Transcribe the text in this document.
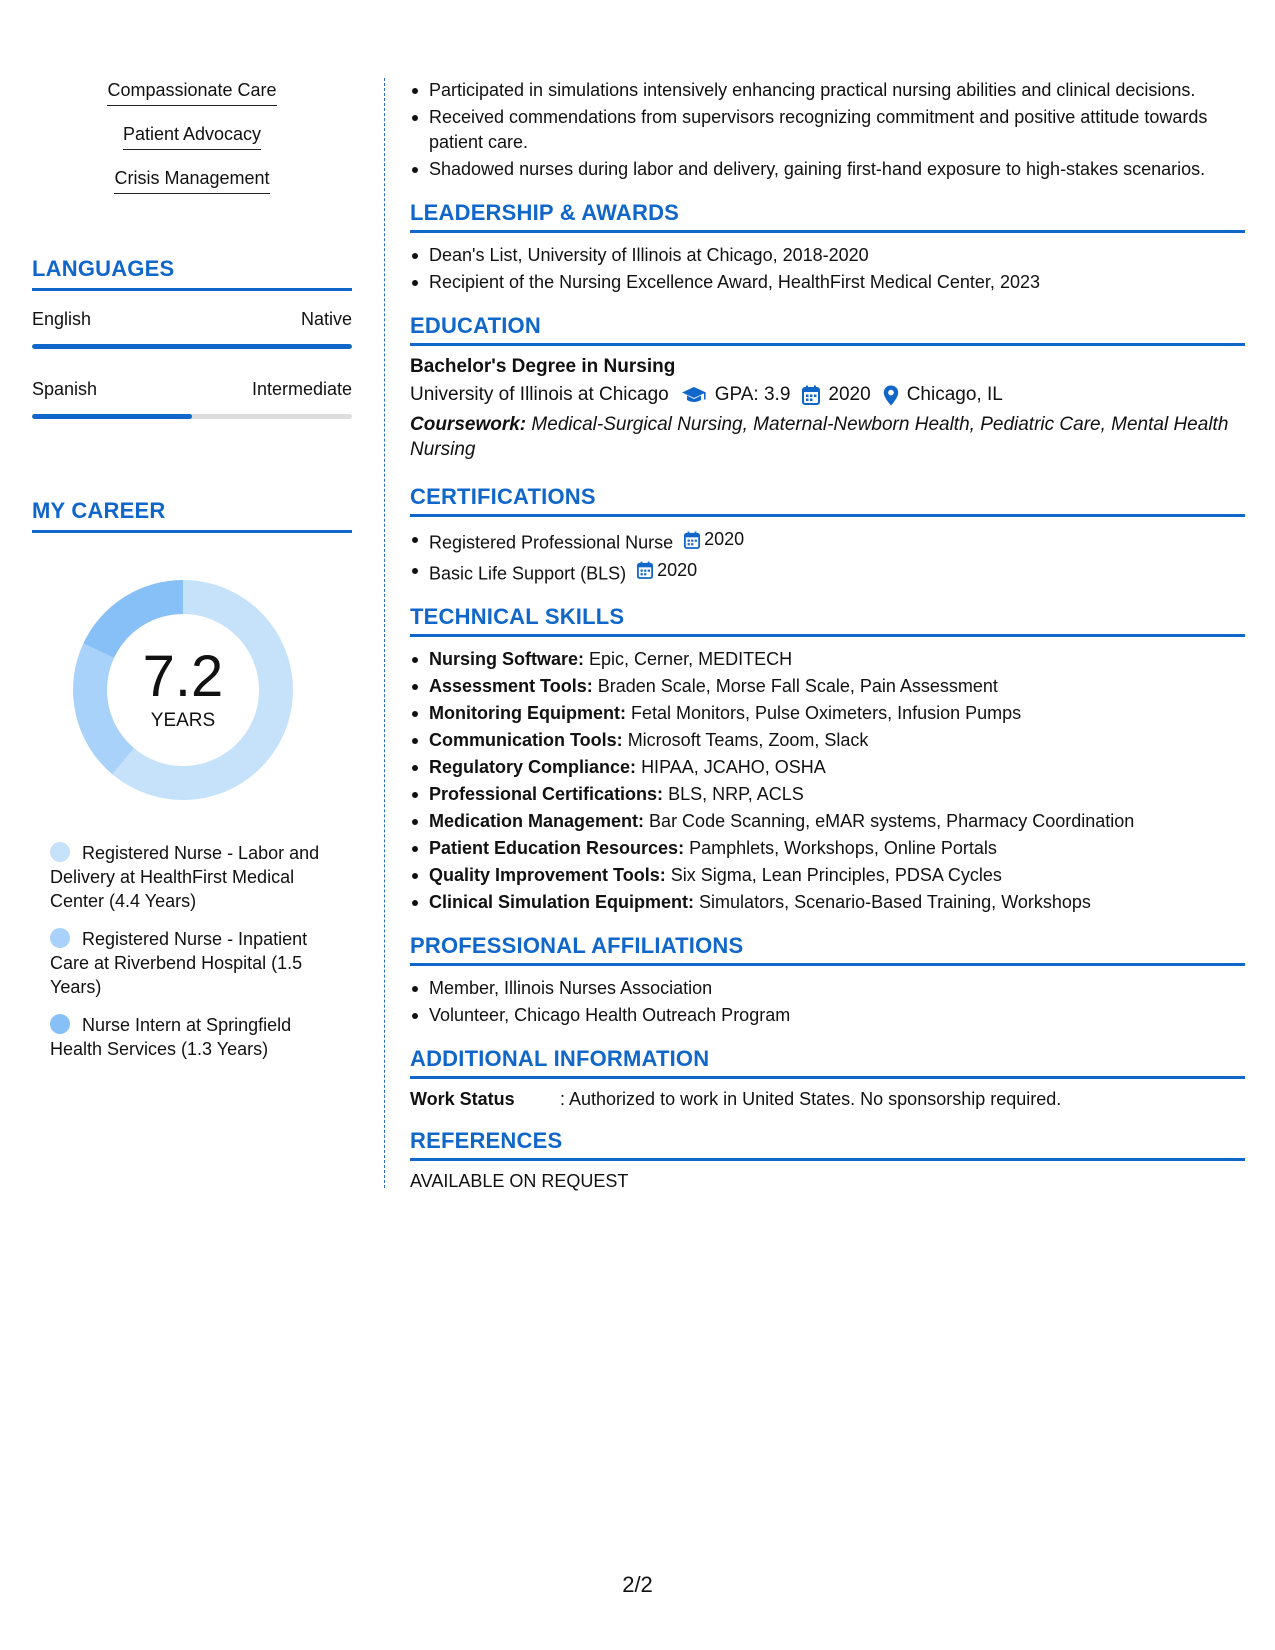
Compassionate Care
Patient Advocacy
Crisis Management
LANGUAGES
English	Native
Spanish	Intermediate
MY CAREER
7.2
YEARS
Registered Nurse - Labor and Delivery at HealthFirst Medical Center (4.4 Years)
Registered Nurse - Inpatient Care at Riverbend Hospital (1.5 Years)
Nurse Intern at Springfield Health Services (1.3 Years)
Participated in simulations intensively enhancing practical nursing abilities and clinical decisions.
Received commendations from supervisors recognizing commitment and positive attitude towards patient care.
Shadowed nurses during labor and delivery, gaining first-hand exposure to high-stakes scenarios.
LEADERSHIP & AWARDS
Dean's List, University of Illinois at Chicago, 2018-2020
Recipient of the Nursing Excellence Award, HealthFirst Medical Center, 2023
EDUCATION
Bachelor's Degree in Nursing
University of Illinois at Chicago GPA: 3.9 2020 Chicago, IL
Coursework: Medical-Surgical Nursing, Maternal-Newborn Health, Pediatric Care, Mental Health Nursing
CERTIFICATIONS
Registered Professional Nurse 2020
Basic Life Support (BLS) 2020
TECHNICAL SKILLS
Nursing Software: Epic, Cerner, MEDITECH
Assessment Tools: Braden Scale, Morse Fall Scale, Pain Assessment
Monitoring Equipment: Fetal Monitors, Pulse Oximeters, Infusion Pumps
Communication Tools: Microsoft Teams, Zoom, Slack
Regulatory Compliance: HIPAA, JCAHO, OSHA
Professional Certifications: BLS, NRP, ACLS
Medication Management: Bar Code Scanning, eMAR systems, Pharmacy Coordination
Patient Education Resources: Pamphlets, Workshops, Online Portals
Quality Improvement Tools: Six Sigma, Lean Principles, PDSA Cycles
Clinical Simulation Equipment: Simulators, Scenario-Based Training, Workshops
PROFESSIONAL AFFILIATIONS
Member, Illinois Nurses Association
Volunteer, Chicago Health Outreach Program
ADDITIONAL INFORMATION
Work Status	: Authorized to work in United States. No sponsorship required.
REFERENCES
AVAILABLE ON REQUEST
2/2
